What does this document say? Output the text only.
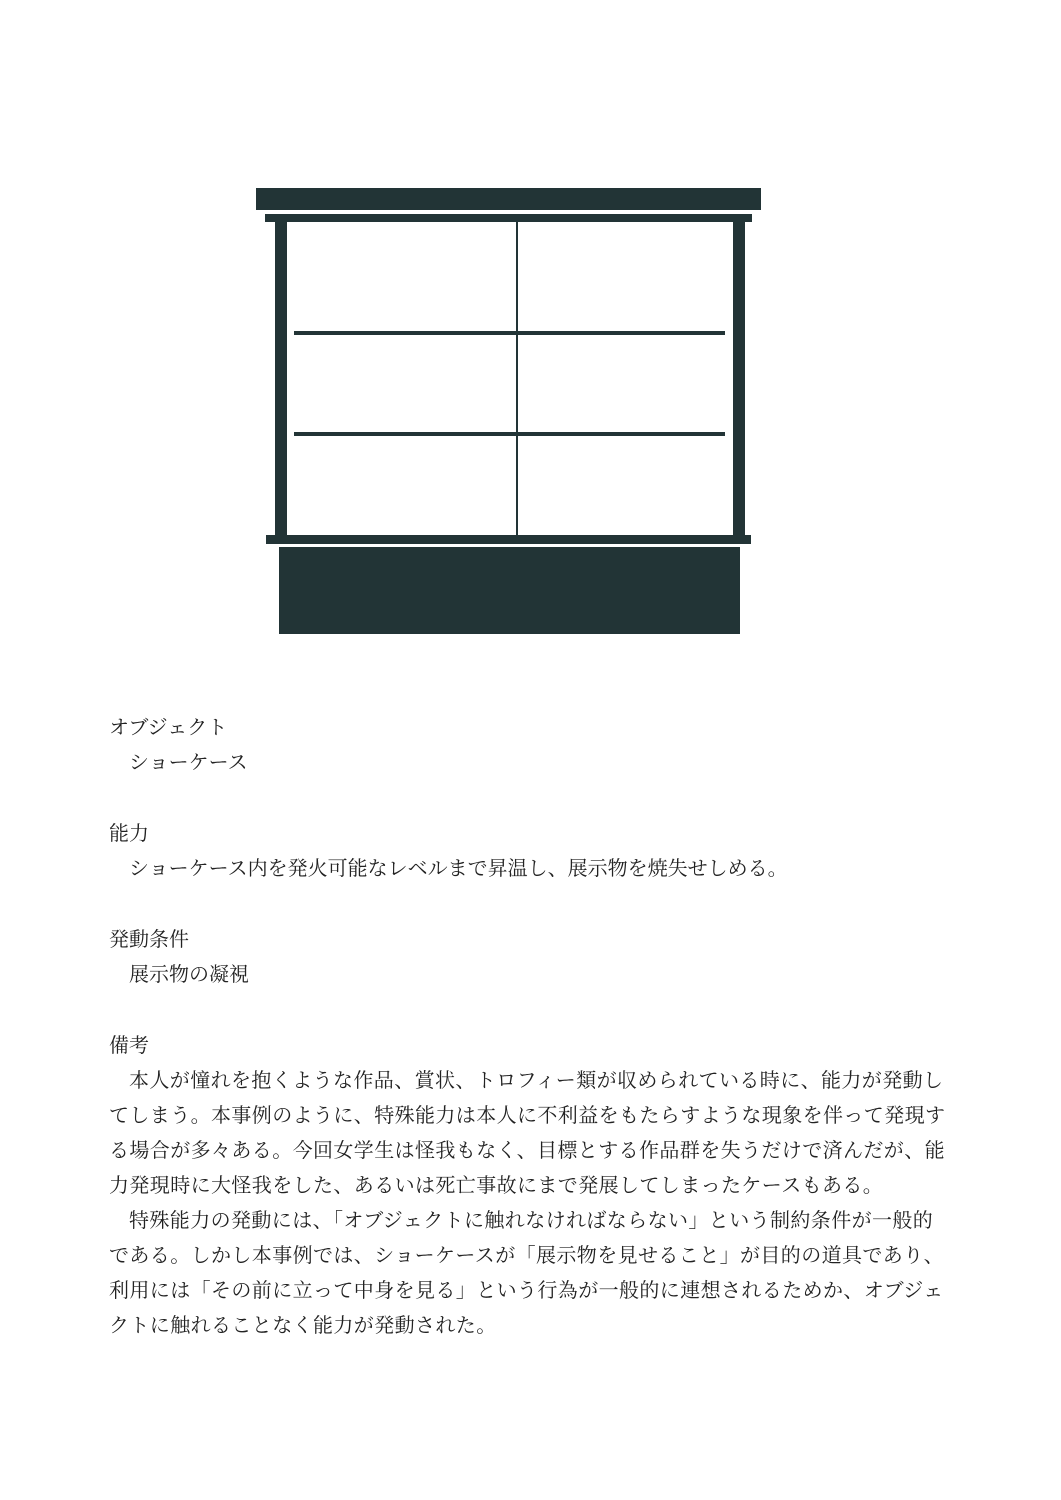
オブジェクト

ショーケース

能力

ショーケース内を発火可能なレベルまで昇温し、展示物を焼失せしめる。

発動条件

展示物の凝視

備考

本人が憧れを抱くような作品、賞状、トロフィー類が収められている時に、能力が発動してしまう。本事例のように、特殊能力は本人に不利益をもたらすような現象を伴って発現する場合が多々ある。今回女学生は怪我もなく、目標とする作品群を失うだけで済んだが、能力発現時に大怪我をした、あるいは死亡事故にまで発展してしまったケースもある。

特殊能力の発動には、「オブジェクトに触れなければならない」という制約条件が一般的である。しかし本事例では、ショーケースが「展示物を見せること」が目的の道具であり、利用には「その前に立って中身を見る」という行為が一般的に連想されるためか、オブジェクトに触れることなく能力が発動された。
